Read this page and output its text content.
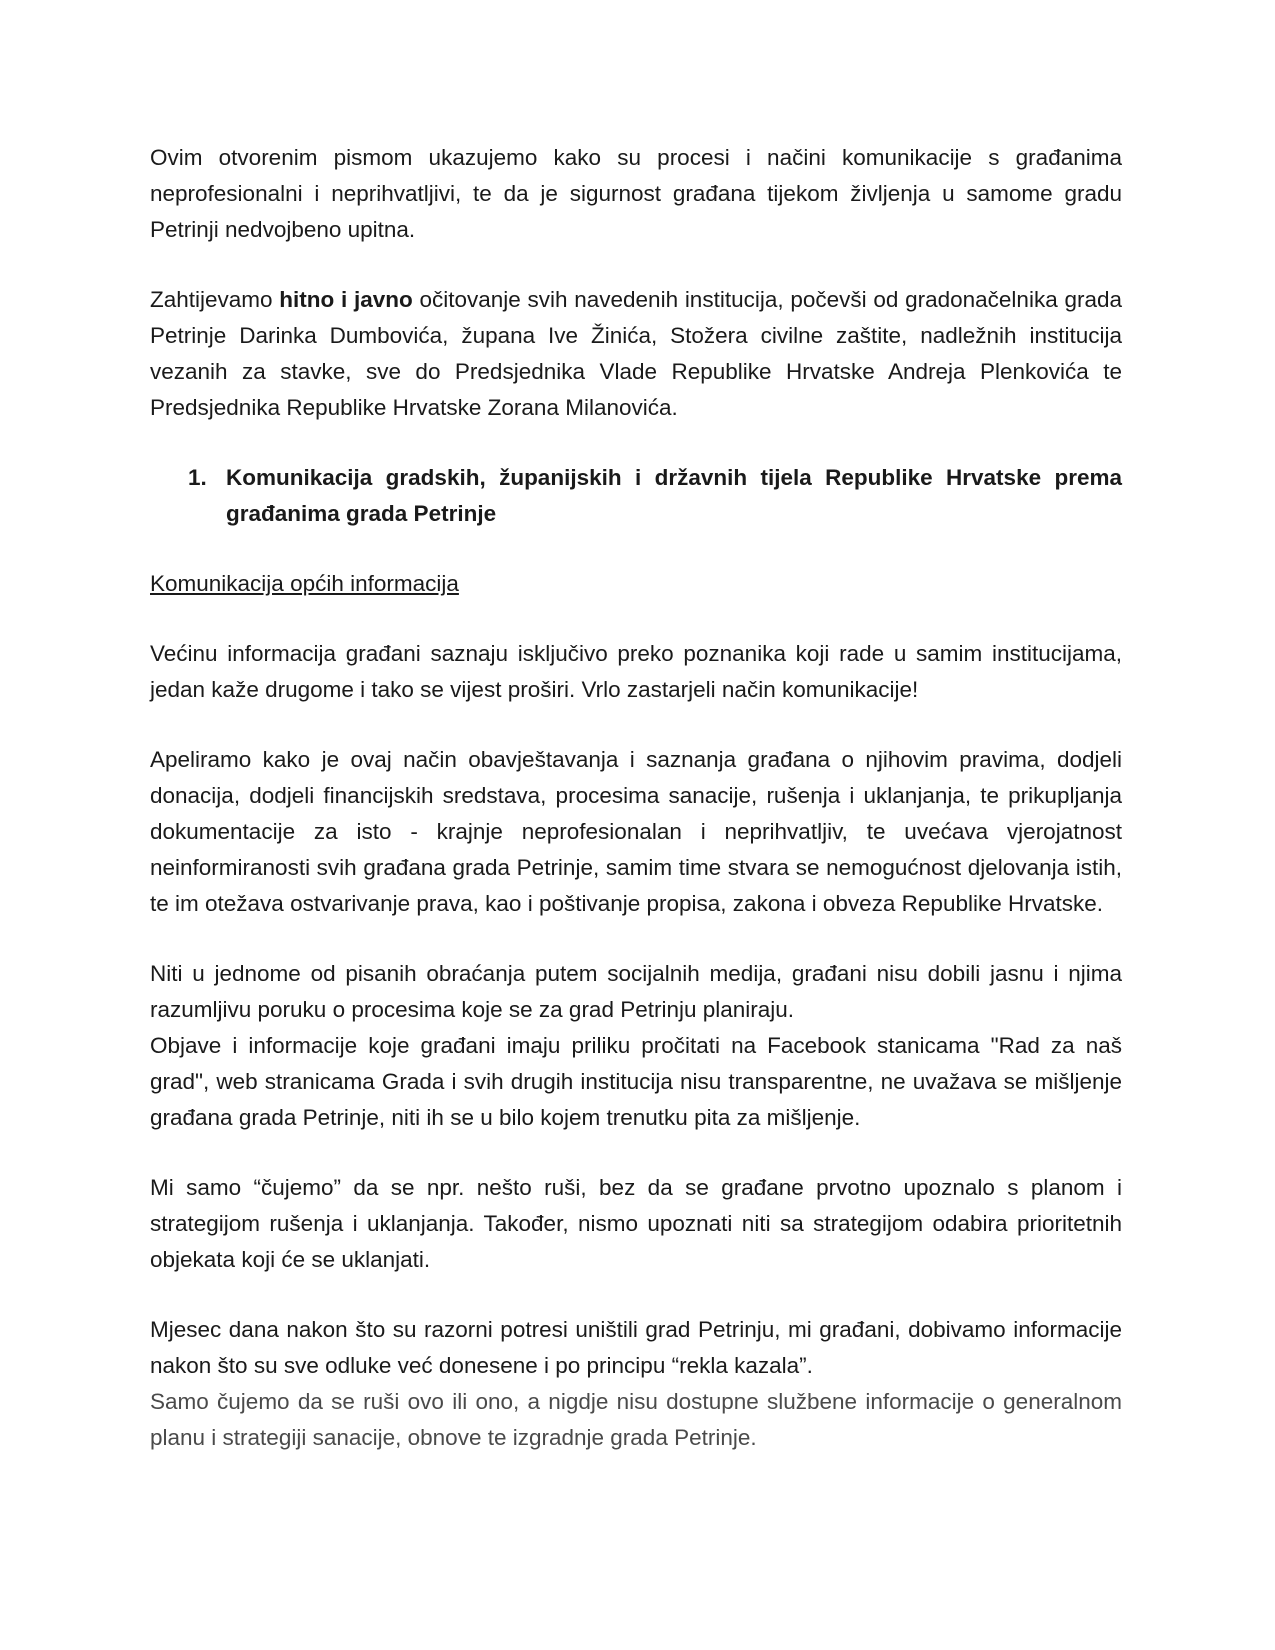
Ovim otvorenim pismom ukazujemo kako su procesi i načini komunikacije s građanima neprofesionalni i neprihvatljivi, te da je sigurnost građana tijekom življenja u samome gradu Petrinji nedvojbeno upitna.

Zahtijevamo hitno i javno očitovanje svih navedenih institucija, počevši od gradonačelnika grada Petrinje Darinka Dumbovića, župana Ive Žinića, Stožera civilne zaštite, nadležnih institucija vezanih za stavke, sve do Predsjednika Vlade Republike Hrvatske Andreja Plenkovića te Predsjednika Republike Hrvatske Zorana Milanovića.

1. Komunikacija gradskih, županijskih i državnih tijela Republike Hrvatske prema građanima grada Petrinje

Komunikacija općih informacija

Većinu informacija građani saznaju isključivo preko poznanika koji rade u samim institucijama, jedan kaže drugome i tako se vijest proširi. Vrlo zastarjeli način komunikacije!

Apeliramo kako je ovaj način obavještavanja i saznanja građana o njihovim pravima, dodjeli donacija, dodjeli financijskih sredstava, procesima sanacije, rušenja i uklanjanja, te prikupljanja dokumentacije za isto - krajnje neprofesionalan i neprihvatljiv, te uvećava vjerojatnost neinformiranosti svih građana grada Petrinje, samim time stvara se nemogućnost djelovanja istih, te im otežava ostvarivanje prava, kao i poštivanje propisa, zakona i obveza Republike Hrvatske.

Niti u jednome od pisanih obraćanja putem socijalnih medija, građani nisu dobili jasnu i njima razumljivu poruku o procesima koje se za grad Petrinju planiraju.

Objave i informacije koje građani imaju priliku pročitati na Facebook stanicama "Rad za naš grad", web stranicama Grada i svih drugih institucija nisu transparentne, ne uvažava se mišljenje građana grada Petrinje, niti ih se u bilo kojem trenutku pita za mišljenje.

Mi samo “čujemo” da se npr. nešto ruši, bez da se građane prvotno upoznalo s planom i strategijom rušenja i uklanjanja. Također, nismo upoznati niti sa strategijom odabira prioritetnih objekata koji će se uklanjati.

Mjesec dana nakon što su razorni potresi uništili grad Petrinju, mi građani, dobivamo informacije nakon što su sve odluke već donesene i po principu “rekla kazala”.

Samo čujemo da se ruši ovo ili ono, a nigdje nisu dostupne službene informacije o generalnom planu i strategiji sanacije, obnove te izgradnje grada Petrinje.
